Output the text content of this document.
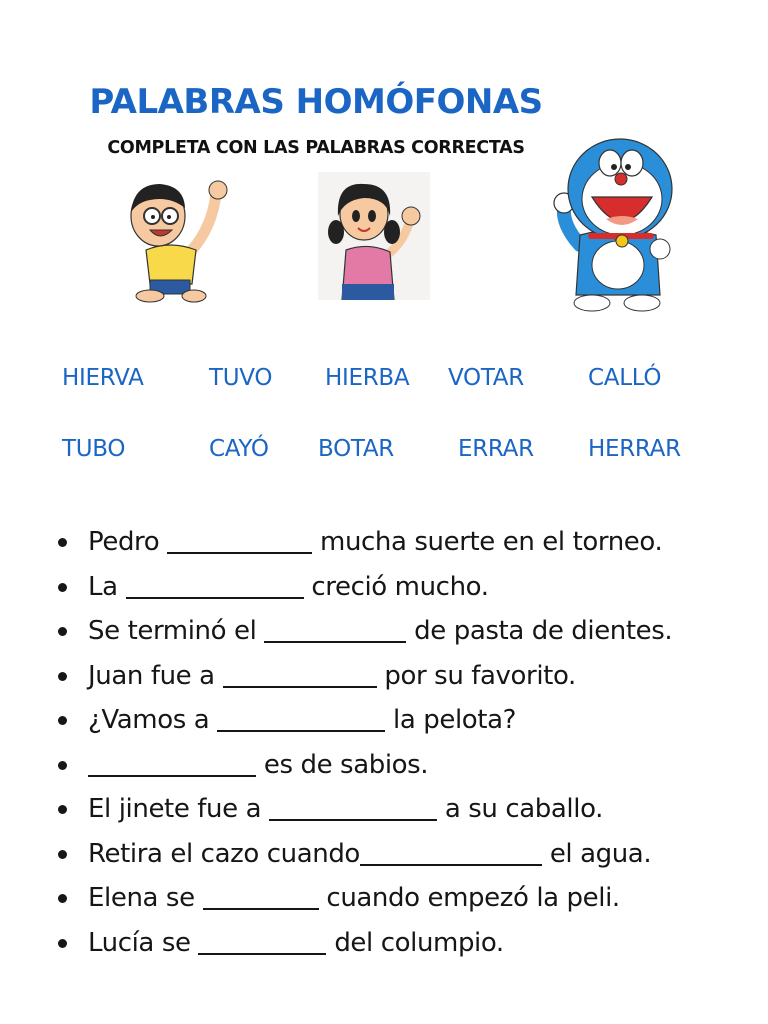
PALABRAS HOMÓFONAS
COMPLETA CON LAS PALABRAS CORRECTAS
HIERVA	TUVO HIERBA VOTAR	CALLÓ
TUBO	CAYÓ BOTAR	ERRAR HERRAR
Pedro	mucha suerte en el torneo.
La	creció mucho.
Se terminó el	de pasta de dientes.
Juan fue a	por su favorito.
¿Vamos a	la pelota?
es de sabios.
El jinete fue a	a su caballo.
Retira el cazo cuando	el agua.
Elena se	cuando empezó la peli.
Lucía se	del columpio.
